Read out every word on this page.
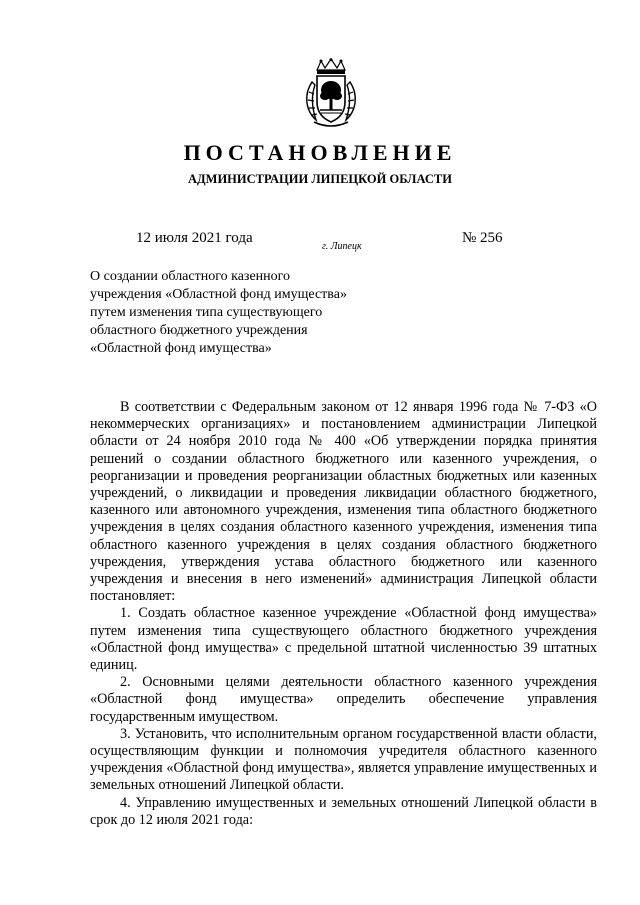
ПОСТАНОВЛЕНИЕ
АДМИНИСТРАЦИИ ЛИПЕЦКОЙ ОБЛАСТИ
12 июля 2021 года
г. Липецк
№ 256
О создании областного казенного
учреждения «Областной фонд имущества»
путем изменения типа существующего
областного бюджетного учреждения
«Областной фонд имущества»

В соответствии с Федеральным законом от 12 января 1996 года № 7-ФЗ «О некоммерческих организациях» и постановлением администрации Липецкой области от 24 ноября 2010 года № 400 «Об утверждении порядка принятия решений о создании областного бюджетного или казенного учреждения, о реорганизации и проведения реорганизации областных бюджетных или казенных учреждений, о ликвидации и проведения ликвидации областного бюджетного, казенного или автономного учреждения, изменения типа областного бюджетного учреждения в целях создания областного казенного учреждения, изменения типа областного казенного учреждения в целях создания областного бюджетного учреждения, утверждения устава областного бюджетного или казенного учреждения и внесения в него изменений» администрация Липецкой области постановляет:

1. Создать областное казенное учреждение «Областной фонд имущества» путем изменения типа существующего областного бюджетного учреждения «Областной фонд имущества» с предельной штатной численностью 39 штатных единиц.

2. Основными целями деятельности областного казенного учреждения «Областной фонд имущества» определить обеспечение управления государственным имуществом.

3. Установить, что исполнительным органом государственной власти области, осуществляющим функции и полномочия учредителя областного казенного учреждения «Областной фонд имущества», является управление имущественных и земельных отношений Липецкой области.

4. Управлению имущественных и земельных отношений Липецкой области в срок до 12 июля 2021 года:
